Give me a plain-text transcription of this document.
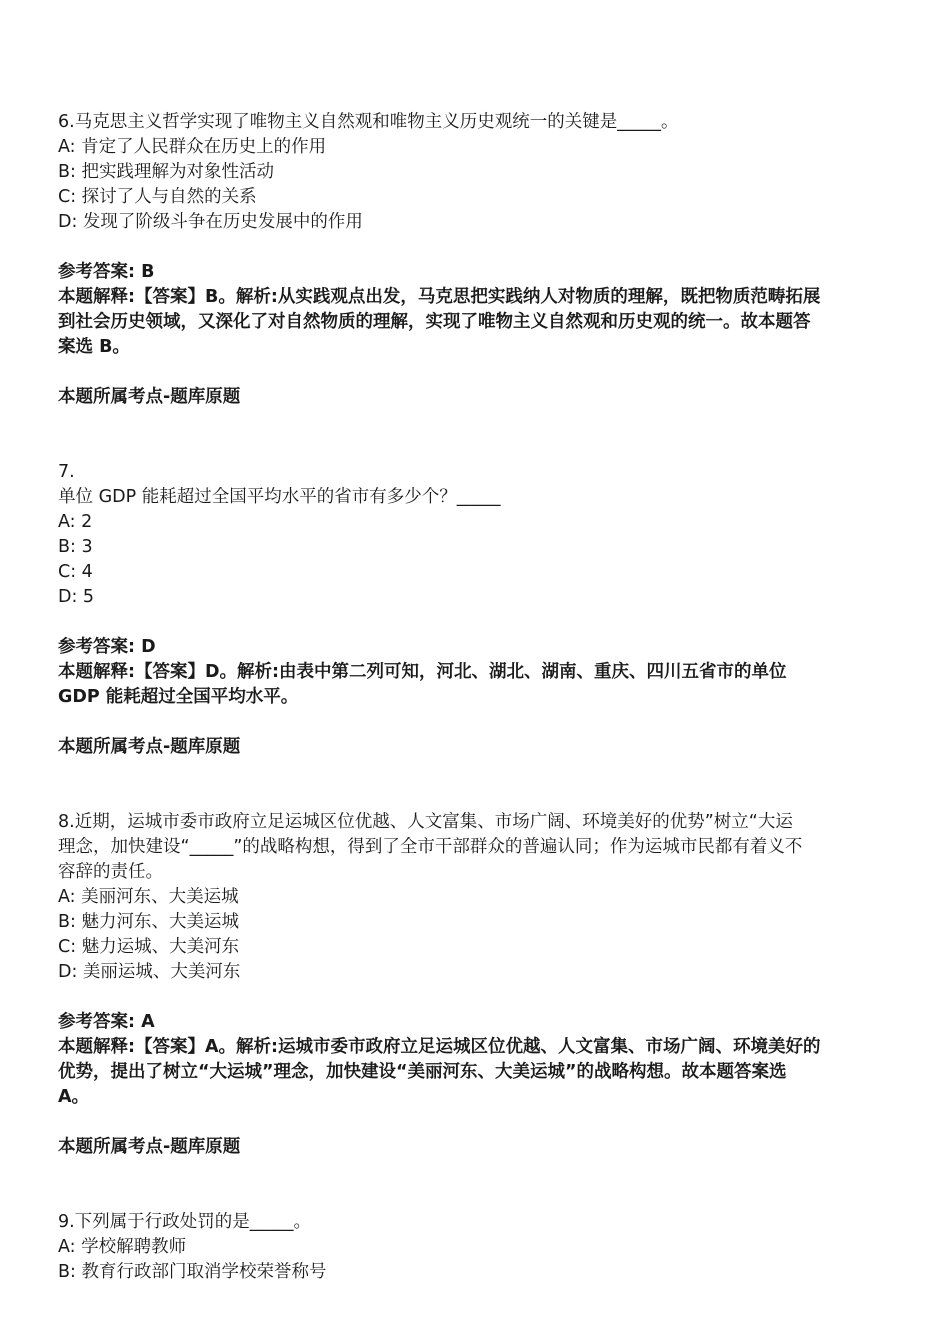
6.马克思主义哲学实现了唯物主义自然观和唯物主义历史观统一的关键是_____。
A: 肯定了人民群众在历史上的作用
B: 把实践理解为对象性活动
C: 探讨了人与自然的关系
D: 发现了阶级斗争在历史发展中的作用
参考答案: B
本题解释:【答案】B。解析:从实践观点出发，马克思把实践纳人对物质的理解，既把物质范畴拓展
到社会历史领域，又深化了对自然物质的理解，实现了唯物主义自然观和历史观的统一。故本题答
案选 B。
本题所属考点-题库原题
7.
单位 GDP 能耗超过全国平均水平的省市有多少个？_____
A: 2
B: 3
C: 4
D: 5
参考答案: D
本题解释:【答案】D。解析:由表中第二列可知，河北、湖北、湖南、重庆、四川五省市的单位
GDP 能耗超过全国平均水平。
本题所属考点-题库原题
8.近期，运城市委市政府立足运城区位优越、人文富集、市场广阔、环境美好的优势”树立“大运
理念，加快建设“_____”的战略构想，得到了全市干部群众的普遍认同；作为运城市民都有着义不
容辞的责任。
A: 美丽河东、大美运城
B: 魅力河东、大美运城
C: 魅力运城、大美河东
D: 美丽运城、大美河东
参考答案: A
本题解释:【答案】A。解析:运城市委市政府立足运城区位优越、人文富集、市场广阔、环境美好的
优势，提出了树立“大运城”理念，加快建设“美丽河东、大美运城”的战略构想。故本题答案选
A。
本题所属考点-题库原题
9.下列属于行政处罚的是_____。
A: 学校解聘教师
B: 教育行政部门取消学校荣誉称号
